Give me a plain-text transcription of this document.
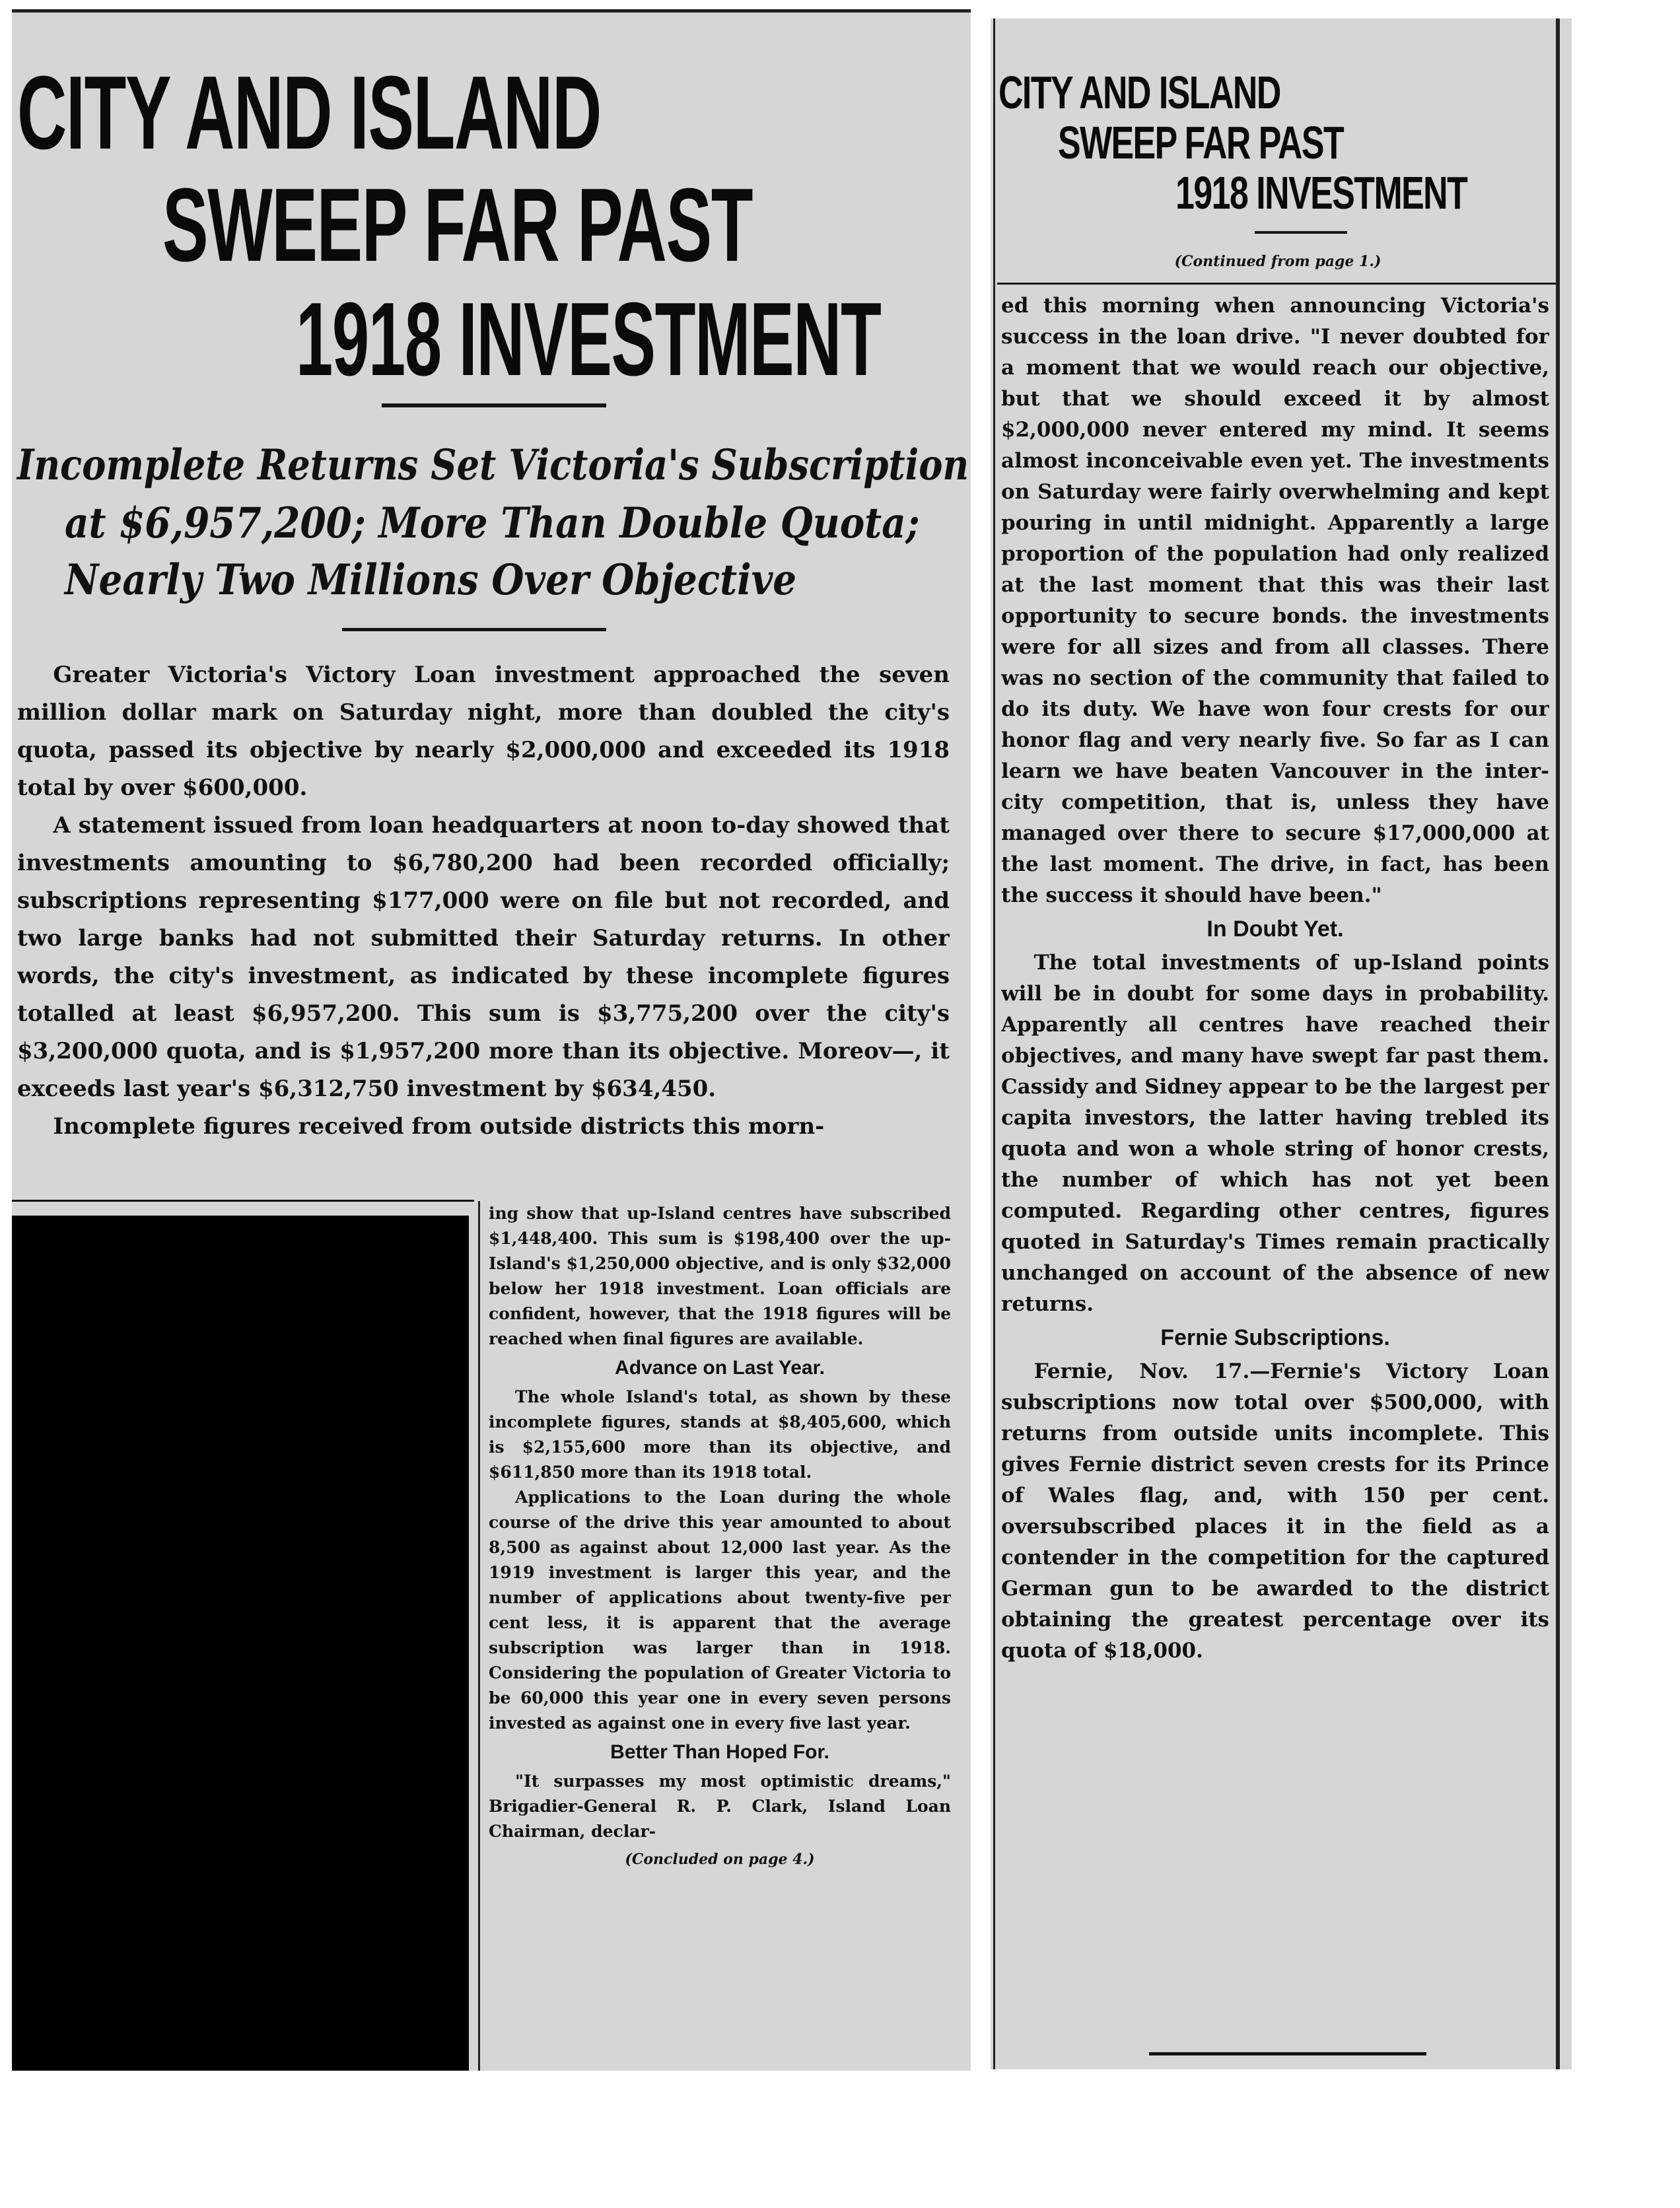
CITY AND ISLAND
SWEEP FAR PAST
1918 INVESTMENT
Incomplete Returns Set Victoria's Subscription
at $6,957,200; More Than Double Quota;
Nearly Two Millions Over Objective

Greater Victoria's Victory Loan investment approached the seven million dollar mark on Saturday night, more than doubled the city's quota, passed its objective by nearly $2,000,000 and exceeded its 1918 total by over $600,000.

A statement issued from loan headquarters at noon to-day showed that investments amounting to $6,780,200 had been recorded officially; subscriptions representing $177,000 were on file but not recorded, and two large banks had not submitted their Saturday returns. In other words, the city's investment, as indicated by these incomplete figures totalled at least $6,957,200. This sum is $3,775,200 over the city's $3,200,000 quota, and is $1,957,200 more than its objective. Moreov—, it exceeds last year's $6,312,750 investment by $634,450.

Incomplete figures received from outside districts this morn-

ing show that up-Island centres have subscribed $1,448,400. This sum is $198,400 over the up-Island's $1,250,000 objective, and is only $32,000 below her 1918 investment. Loan officials are confident, however, that the 1918 figures will be reached when final figures are available.

Advance on Last Year.

The whole Island's total, as shown by these incomplete figures, stands at $8,405,600, which is $2,155,600 more than its objective, and $611,850 more than its 1918 total.

Applications to the Loan during the whole course of the drive this year amounted to about 8,500 as against about 12,000 last year. As the 1919 investment is larger this year, and the number of applications about twenty-five per cent less, it is apparent that the average subscription was larger than in 1918. Considering the population of Greater Victoria to be 60,000 this year one in every seven persons invested as against one in every five last year.

Better Than Hoped For.

"It surpasses my most optimistic dreams," Brigadier-General R. P. Clark, Island Loan Chairman, declar-

(Concluded on page 4.)
CITY AND ISLAND
SWEEP FAR PAST
1918 INVESTMENT
(Continued from page 1.)

ed this morning when announcing Victoria's success in the loan drive. "I never doubted for a moment that we would reach our objective, but that we should exceed it by almost $2,000,000 never entered my mind. It seems almost inconceivable even yet. The investments on Saturday were fairly overwhelming and kept pouring in until midnight. Apparently a large proportion of the population had only realized at the last moment that this was their last opportunity to secure bonds. the investments were for all sizes and from all classes. There was no section of the community that failed to do its duty. We have won four crests for our honor flag and very nearly five. So far as I can learn we have beaten Vancouver in the inter-city competition, that is, unless they have managed over there to secure $17,000,000 at the last moment. The drive, in fact, has been the success it should have been."

In Doubt Yet.

The total investments of up-Island points will be in doubt for some days in probability. Apparently all centres have reached their objectives, and many have swept far past them. Cassidy and Sidney appear to be the largest per capita investors, the latter having trebled its quota and won a whole string of honor crests, the number of which has not yet been computed. Regarding other centres, figures quoted in Saturday's Times remain practically unchanged on account of the absence of new returns.

Fernie Subscriptions.

Fernie, Nov. 17.—Fernie's Victory Loan subscriptions now total over $500,000, with returns from outside units incomplete. This gives Fernie district seven crests for its Prince of Wales flag, and, with 150 per cent. oversubscribed places it in the field as a contender in the competition for the captured German gun to be awarded to the district obtaining the greatest percentage over its quota of $18,000.
